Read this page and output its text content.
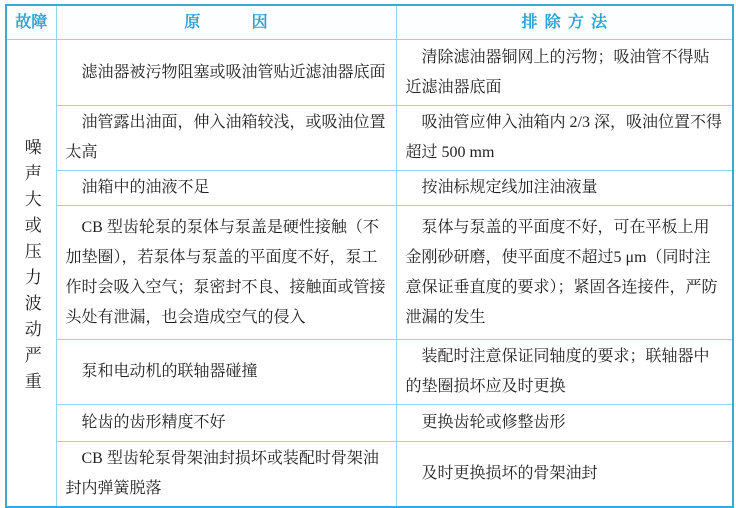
故障	原因	排除方法
噪声大或压力波动严重	滤油器被污物阻塞或吸油管贴近滤油器底面	清除滤油器铜网上的污物；吸油管不得贴近滤油器底面

	油管露出油面，伸入油箱较浅，或吸油位置太高	吸油管应伸入油箱内 2/3 深，吸油位置不得超过 500 mm

	油箱中的油液不足	按油标规定线加注油液量

	CB 型齿轮泵的泵体与泵盖是硬性接触（不加垫圈），若泵体与泵盖的平面度不好，泵工作时会吸入空气；泵密封不良、接触面或管接头处有泄漏，也会造成空气的侵入	泵体与泵盖的平面度不好，可在平板上用金刚砂研磨，使平面度不超过5 μm（同时注意保证垂直度的要求）；紧固各连接件，严防泄漏的发生

	泵和电动机的联轴器碰撞	装配时注意保证同轴度的要求；联轴器中的垫圈损坏应及时更换

	轮齿的齿形精度不好	更换齿轮或修整齿形

	CB 型齿轮泵骨架油封损坏或装配时骨架油封内弹簧脱落	及时更换损坏的骨架油封
